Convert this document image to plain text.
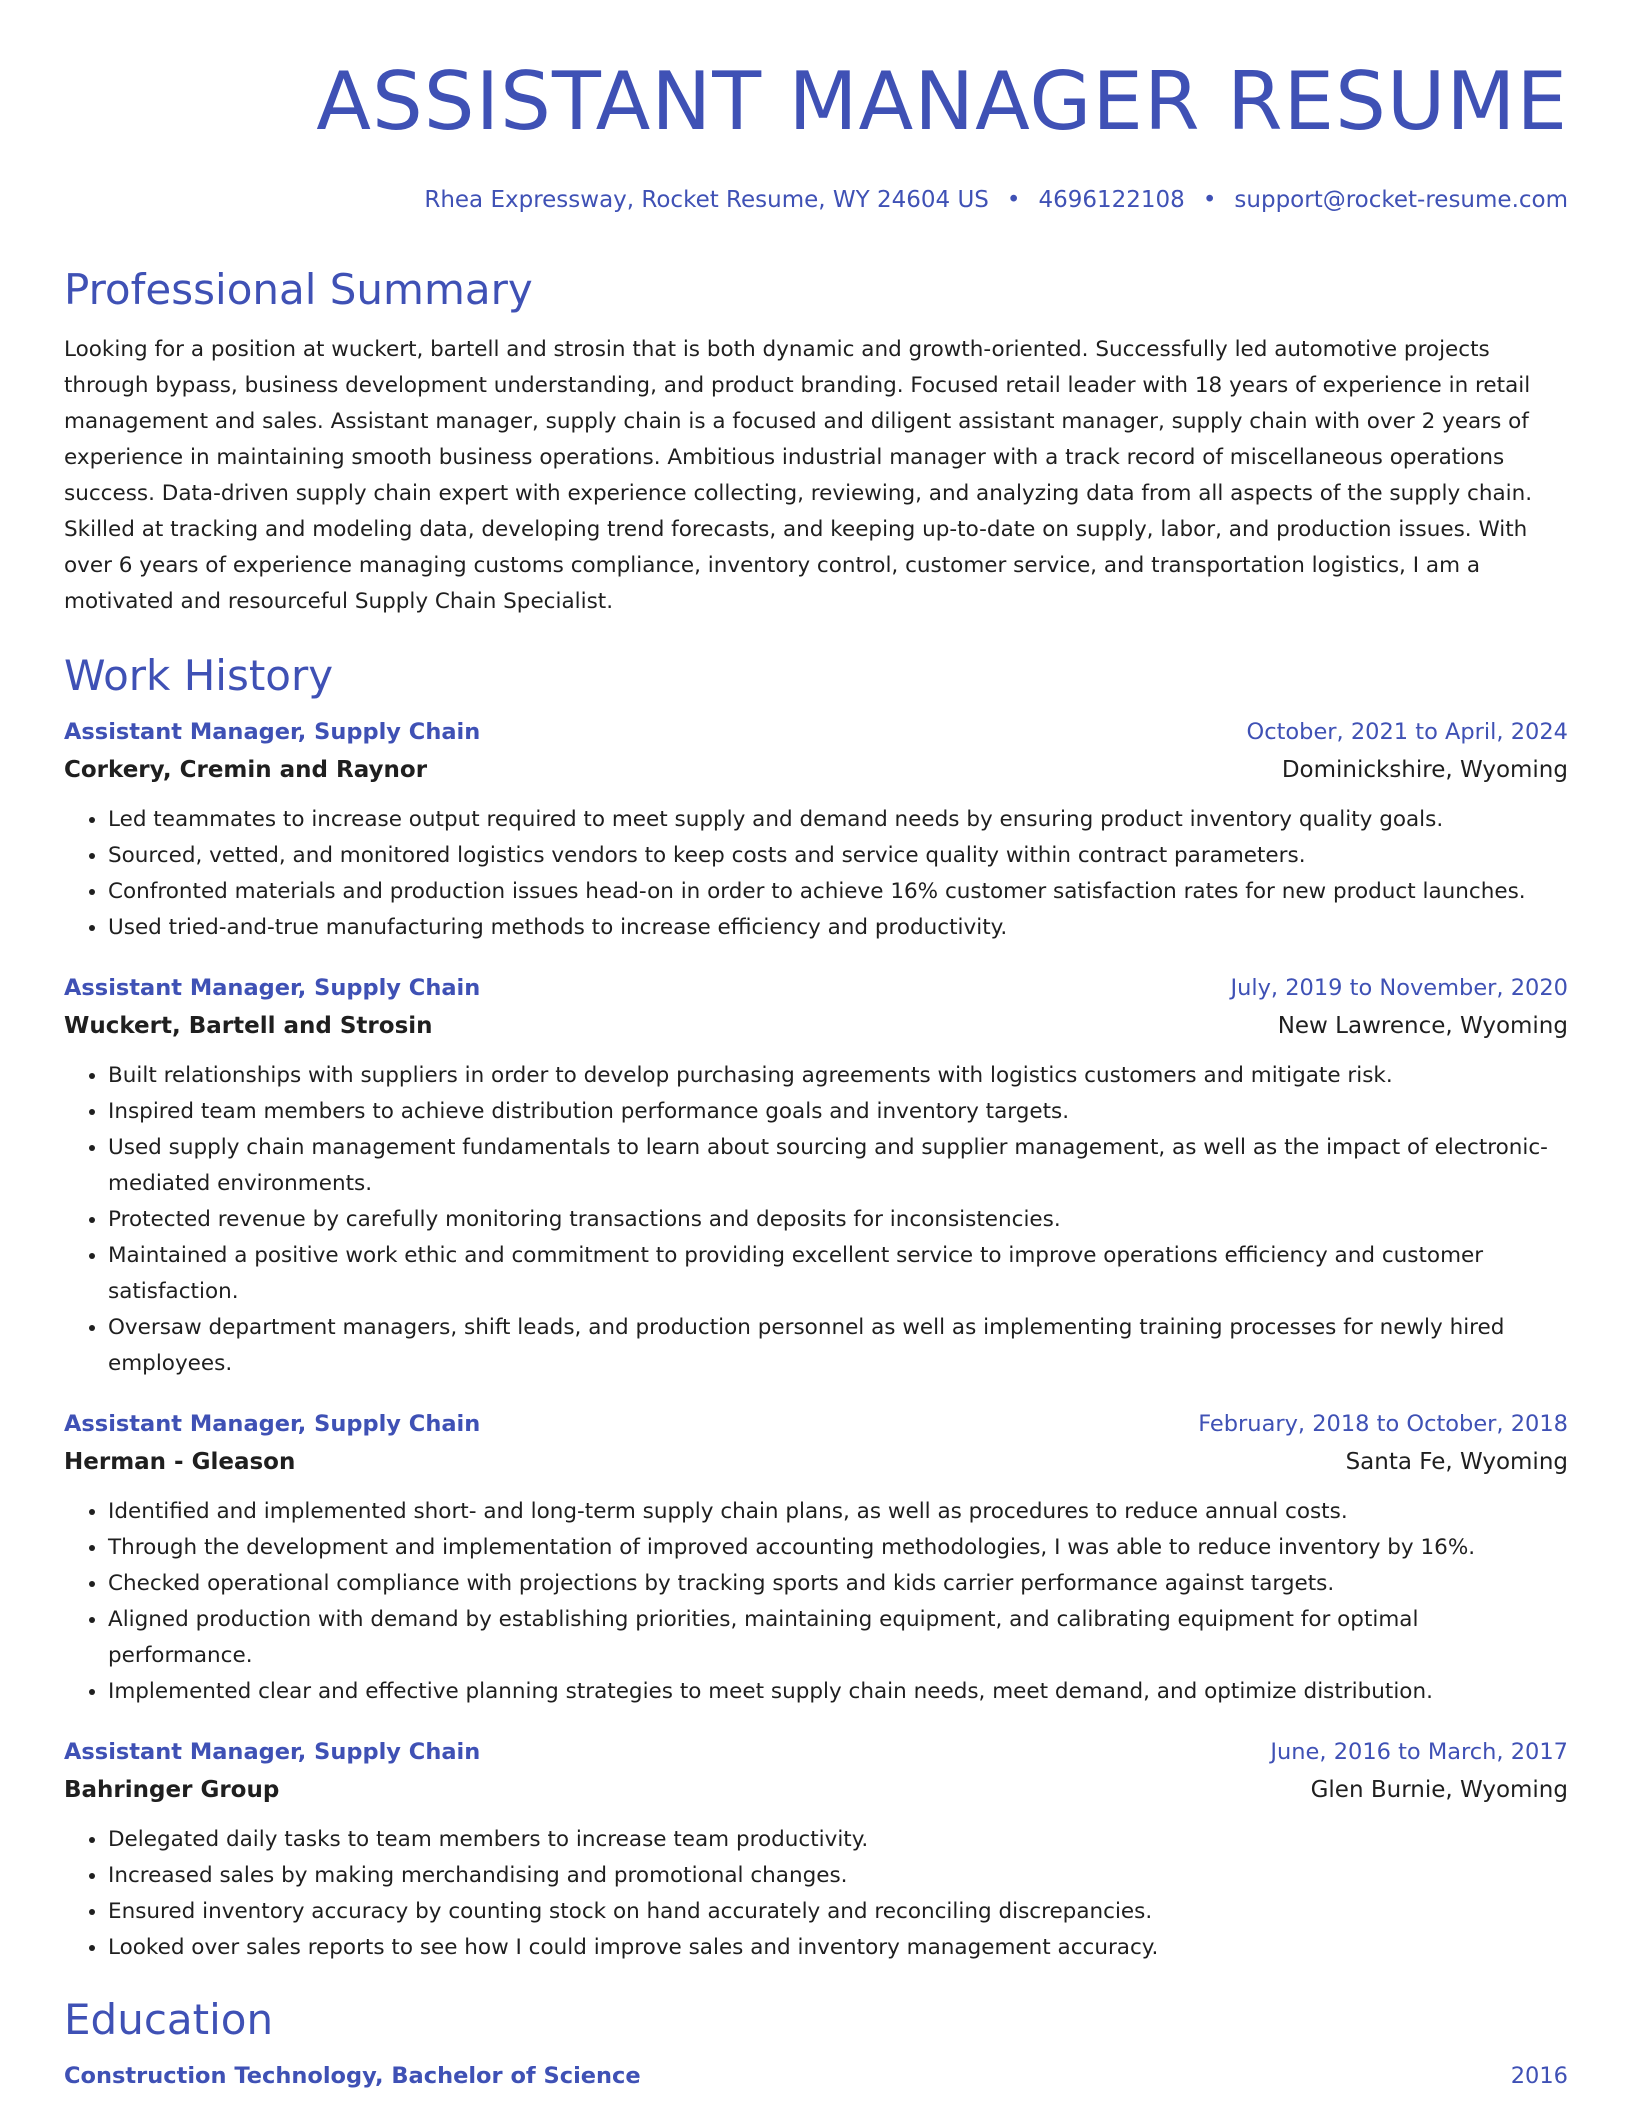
ASSISTANT MANAGER RESUME
Rhea Expressway, Rocket Resume, WY 24604 US • 4696122108 • support@rocket-resume.com
Professional Summary
Looking for a position at wuckert, bartell and strosin that is both dynamic and growth-oriented. Successfully led automotive projects through bypass, business development understanding, and product branding. Focused retail leader with 18 years of experience in retail management and sales. Assistant manager, supply chain is a focused and diligent assistant manager, supply chain with over 2 years of experience in maintaining smooth business operations. Ambitious industrial manager with a track record of miscellaneous operations success. Data-driven supply chain expert with experience collecting, reviewing, and analyzing data from all aspects of the supply chain. Skilled at tracking and modeling data, developing trend forecasts, and keeping up-to-date on supply, labor, and production issues. With over 6 years of experience managing customs compliance, inventory control, customer service, and transportation logistics, I am a motivated and resourceful Supply Chain Specialist.
Work History
Assistant Manager, Supply Chain	October, 2021 to April, 2024
Corkery, Cremin and Raynor	Dominickshire, Wyoming
• Led teammates to increase output required to meet supply and demand needs by ensuring product inventory quality goals.
• Sourced, vetted, and monitored logistics vendors to keep costs and service quality within contract parameters.
• Confronted materials and production issues head-on in order to achieve 16% customer satisfaction rates for new product launches.
• Used tried-and-true manufacturing methods to increase efficiency and productivity.
Assistant Manager, Supply Chain	July, 2019 to November, 2020
Wuckert, Bartell and Strosin	New Lawrence, Wyoming
• Built relationships with suppliers in order to develop purchasing agreements with logistics customers and mitigate risk.
• Inspired team members to achieve distribution performance goals and inventory targets.
• Used supply chain management fundamentals to learn about sourcing and supplier management, as well as the impact of electronic-mediated environments.
• Protected revenue by carefully monitoring transactions and deposits for inconsistencies.
• Maintained a positive work ethic and commitment to providing excellent service to improve operations efficiency and customer satisfaction.
• Oversaw department managers, shift leads, and production personnel as well as implementing training processes for newly hired employees.
Assistant Manager, Supply Chain	February, 2018 to October, 2018
Herman - Gleason	Santa Fe, Wyoming
• Identified and implemented short- and long-term supply chain plans, as well as procedures to reduce annual costs.
• Through the development and implementation of improved accounting methodologies, I was able to reduce inventory by 16%.
• Checked operational compliance with projections by tracking sports and kids carrier performance against targets.
• Aligned production with demand by establishing priorities, maintaining equipment, and calibrating equipment for optimal performance.
• Implemented clear and effective planning strategies to meet supply chain needs, meet demand, and optimize distribution.
Assistant Manager, Supply Chain	June, 2016 to March, 2017
Bahringer Group	Glen Burnie, Wyoming
• Delegated daily tasks to team members to increase team productivity.
• Increased sales by making merchandising and promotional changes.
• Ensured inventory accuracy by counting stock on hand accurately and reconciling discrepancies.
• Looked over sales reports to see how I could improve sales and inventory management accuracy.
Education
Construction Technology, Bachelor of Science	2016
